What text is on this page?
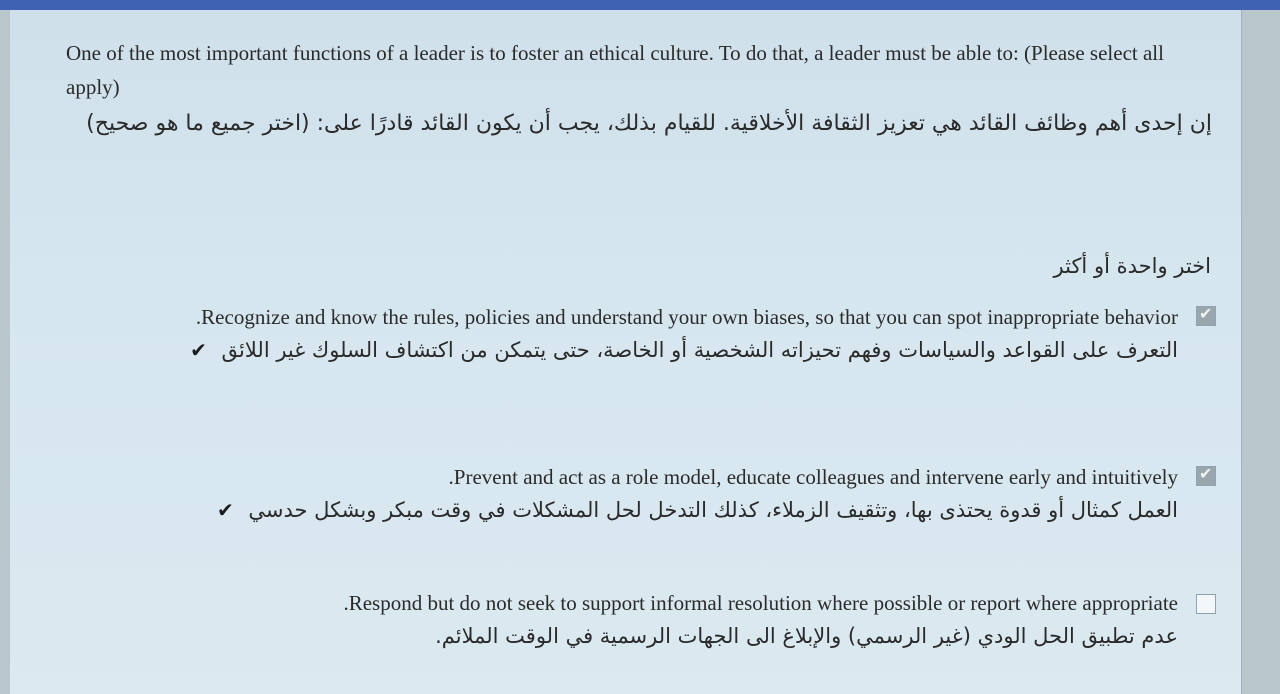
One of the most important functions of a leader is to foster an ethical culture. To do that, a leader must be able to: (Please select all apply)
إن إحدى أهم وظائف القائد هي تعزيز الثقافة الأخلاقية. للقيام بذلك، يجب أن يكون القائد قادرًا على: (اختر جميع ما هو صحيح)
اختر واحدة أو أكثر
✔
Recognize and know the rules, policies and understand your own biases, so that you can spot inappropriate behavior.
التعرف على القواعد والسياسات وفهم تحيزاته الشخصية أو الخاصة، حتى يتمكن من اكتشاف السلوك غير اللائق ✔
✔
Prevent and act as a role model, educate colleagues and intervene early and intuitively.
العمل كمثال أو قدوة يحتذى بها، وتثقيف الزملاء، كذلك التدخل لحل المشكلات في وقت مبكر وبشكل حدسي ✔
Respond but do not seek to support informal resolution where possible or report where appropriate.
عدم تطبيق الحل الودي (غير الرسمي) والإبلاغ الى الجهات الرسمية في الوقت الملائم.
